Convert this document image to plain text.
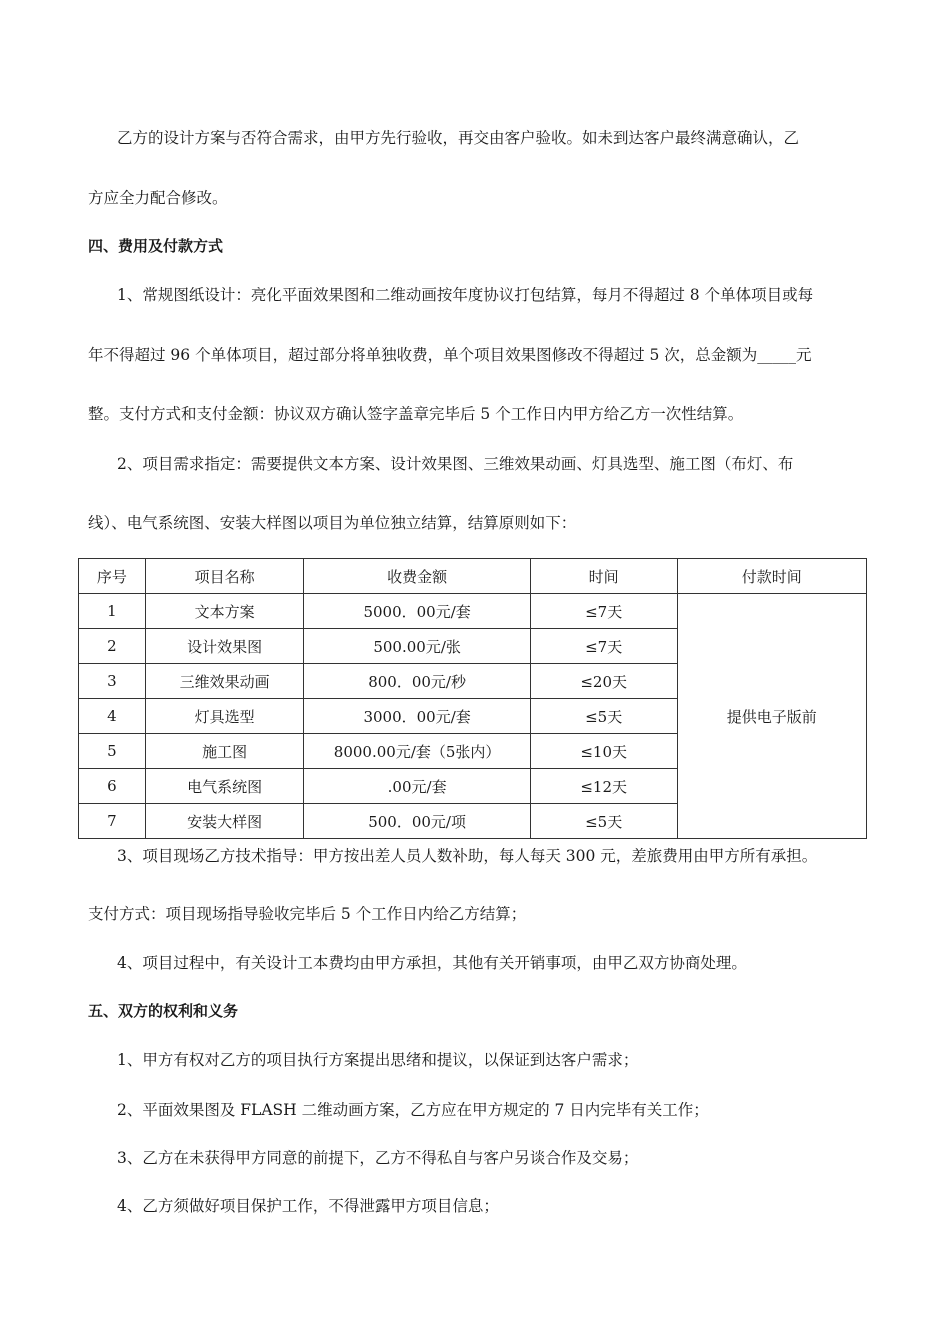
乙方的设计方案与否符合需求，由甲方先行验收，再交由客户验收。如未到达客户最终满意确认，乙
方应全力配合修改。
四、费用及付款方式
1、常规图纸设计：亮化平面效果图和二维动画按年度协议打包结算，每月不得超过 8 个单体项目或每
年不得超过 96 个单体项目，超过部分将单独收费，单个项目效果图修改不得超过 5 次，总金额为_____元
整。支付方式和支付金额：协议双方确认签字盖章完毕后 5 个工作日内甲方给乙方一次性结算。
2、项目需求指定：需要提供文本方案、设计效果图、三维效果动画、灯具选型、施工图（布灯、布
线）、电气系统图、安装大样图以项目为单位独立结算，结算原则如下：
序号	项目名称	收费金额	时间	付款时间
1	文本方案	5000．00元/套	≤7天	提供电子版前
2	设计效果图	500.00元/张	≤7天	
3	三维效果动画	800．00元/秒	≤20天	
4	灯具选型	3000．00元/套	≤5天	
5	施工图	8000.00元/套（5张内）	≤10天	
6	电气系统图	.00元/套	≤12天	
7	安装大样图	500．00元/项	≤5天	
3、项目现场乙方技术指导：甲方按出差人员人数补助，每人每天 300 元，差旅费用由甲方所有承担。
支付方式：项目现场指导验收完毕后 5 个工作日内给乙方结算；
4、项目过程中，有关设计工本费均由甲方承担，其他有关开销事项，由甲乙双方协商处理。
五、双方的权利和义务
1、甲方有权对乙方的项目执行方案提出思绪和提议，以保证到达客户需求；
2、平面效果图及 FLASH 二维动画方案，乙方应在甲方规定的 7 日内完毕有关工作；
3、乙方在未获得甲方同意的前提下，乙方不得私自与客户另谈合作及交易；
4、乙方须做好项目保护工作，不得泄露甲方项目信息；
